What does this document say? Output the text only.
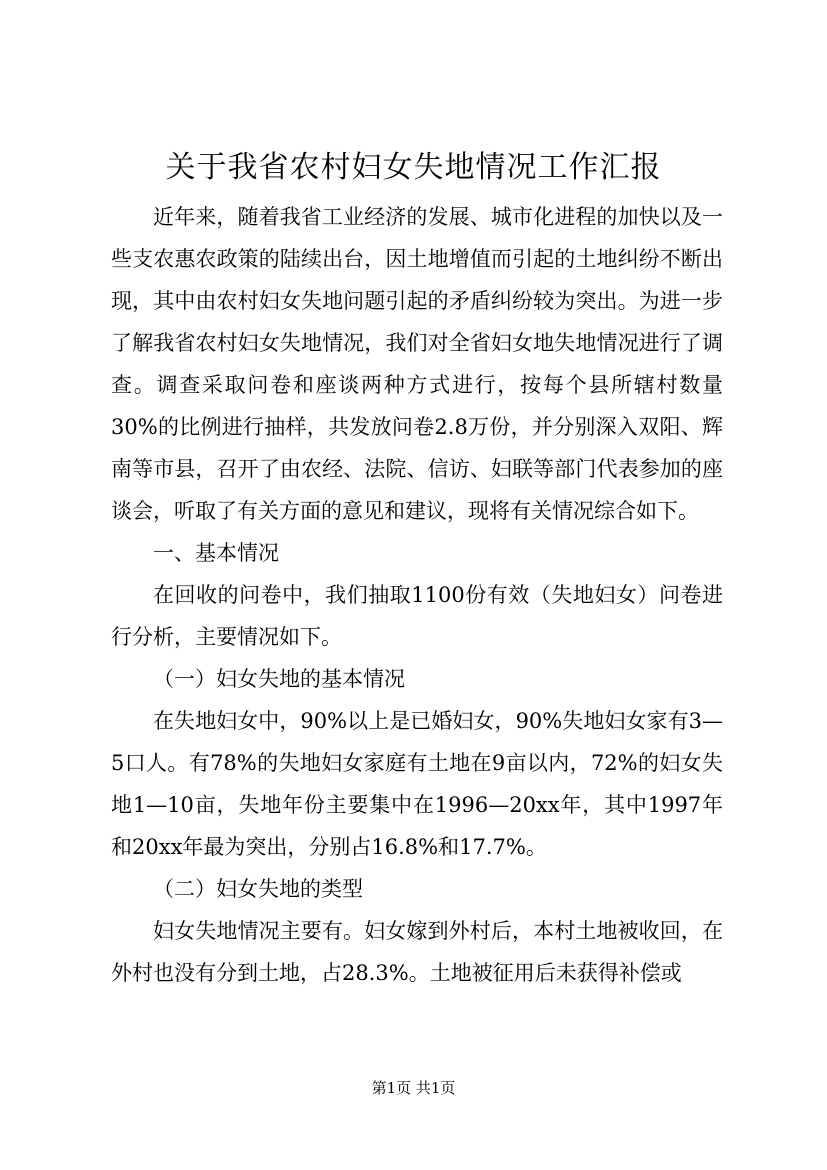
关于我省农村妇女失地情况工作汇报

近年来，随着我省工业经济的发展、城市化进程的加快以及一些支农惠农政策的陆续出台，因土地增值而引起的土地纠纷不断出现，其中由农村妇女失地问题引起的矛盾纠纷较为突出。为进一步了解我省农村妇女失地情况，我们对全省妇女地失地情况进行了调查。调查采取问卷和座谈两种方式进行，按每个县所辖村数量30%的比例进行抽样，共发放问卷2.8万份，并分别深入双阳、辉南等市县，召开了由农经、法院、信访、妇联等部门代表参加的座谈会，听取了有关方面的意见和建议，现将有关情况综合如下。

一、基本情况

在回收的问卷中，我们抽取1100份有效（失地妇女）问卷进行分析，主要情况如下。

（一）妇女失地的基本情况

在失地妇女中，90%以上是已婚妇女，90%失地妇女家有3—5口人。有78%的失地妇女家庭有土地在9亩以内，72%的妇女失地1—10亩，失地年份主要集中在1996—20xx年，其中1997年和20xx年最为突出，分别占16.8%和17.7%。

（二）妇女失地的类型

妇女失地情况主要有。妇女嫁到外村后，本村土地被收回，在外村也没有分到土地，占28.3%。土地被征用后未获得补偿或

第1页 共1页
